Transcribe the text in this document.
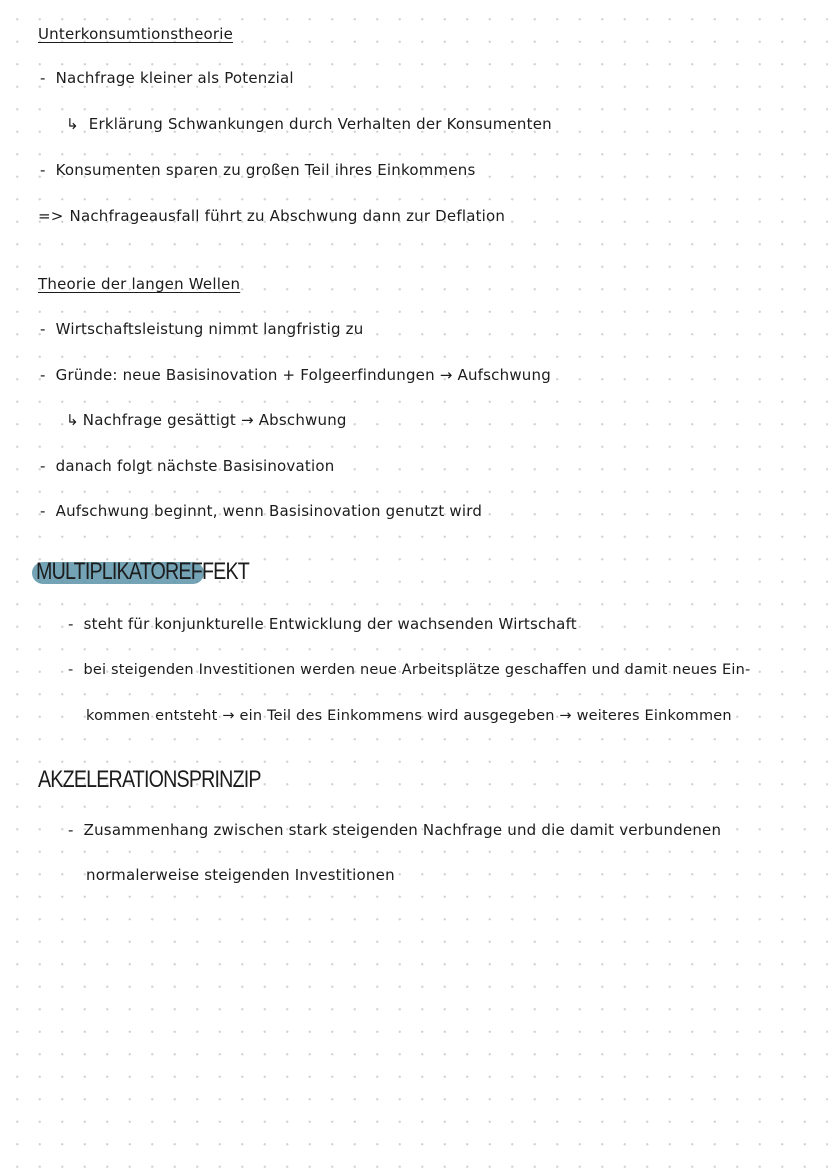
Unterkonsumtionstheorie
- Nachfrage kleiner als Potenzial
↳ Erklärung Schwankungen durch Verhalten der Konsumenten
- Konsumenten sparen zu großen Teil ihres Einkommens
=> Nachfrageausfall führt zu Abschwung dann zur Deflation
Theorie der langen Wellen
- Wirtschaftsleistung nimmt langfristig zu
- Gründe: neue Basisinovation + Folgeerfindungen → Aufschwung
↳ Nachfrage gesättigt → Abschwung
- danach folgt nächste Basisinovation
- Aufschwung beginnt, wenn Basisinovation genutzt wird
MULTIPLIKATOREFFEKT
- steht für konjunkturelle Entwicklung der wachsenden Wirtschaft
- bei steigenden Investitionen werden neue Arbeitsplätze geschaffen und damit neues Ein-
kommen entsteht → ein Teil des Einkommens wird ausgegeben → weiteres Einkommen
AKZELERATIONSPRINZIP
- Zusammenhang zwischen stark steigenden Nachfrage und die damit verbundenen
normalerweise steigenden Investitionen
